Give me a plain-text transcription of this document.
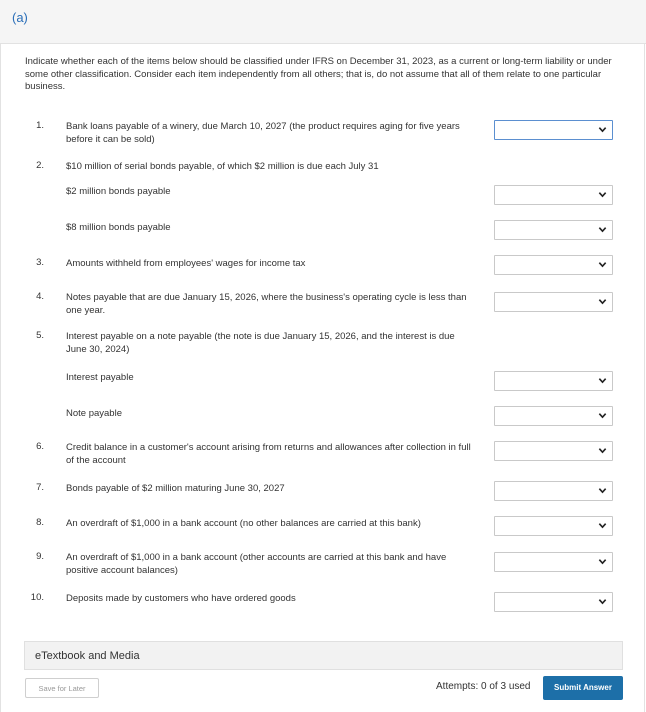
(a)
Indicate whether each of the items below should be classified under IFRS on December 31, 2023, as a current or long-term liability or under some other classification. Consider each item independently from all others; that is, do not assume that all of them relate to one particular business.
1. Bank loans payable of a winery, due March 10, 2027 (the product requires aging for five years before it can be sold)
2. $10 million of serial bonds payable, of which $2 million is due each July 31
$2 million bonds payable
$8 million bonds payable
3. Amounts withheld from employees' wages for income tax
4. Notes payable that are due January 15, 2026, where the business's operating cycle is less than one year.
5. Interest payable on a note payable (the note is due January 15, 2026, and the interest is due June 30, 2024)
Interest payable
Note payable
6. Credit balance in a customer's account arising from returns and allowances after collection in full of the account
7. Bonds payable of $2 million maturing June 30, 2027
8. An overdraft of $1,000 in a bank account (no other balances are carried at this bank)
9. An overdraft of $1,000 in a bank account (other accounts are carried at this bank and have positive account balances)
10. Deposits made by customers who have ordered goods
eTextbook and Media
Save for Later	Attempts: 0 of 3 used	Submit Answer
